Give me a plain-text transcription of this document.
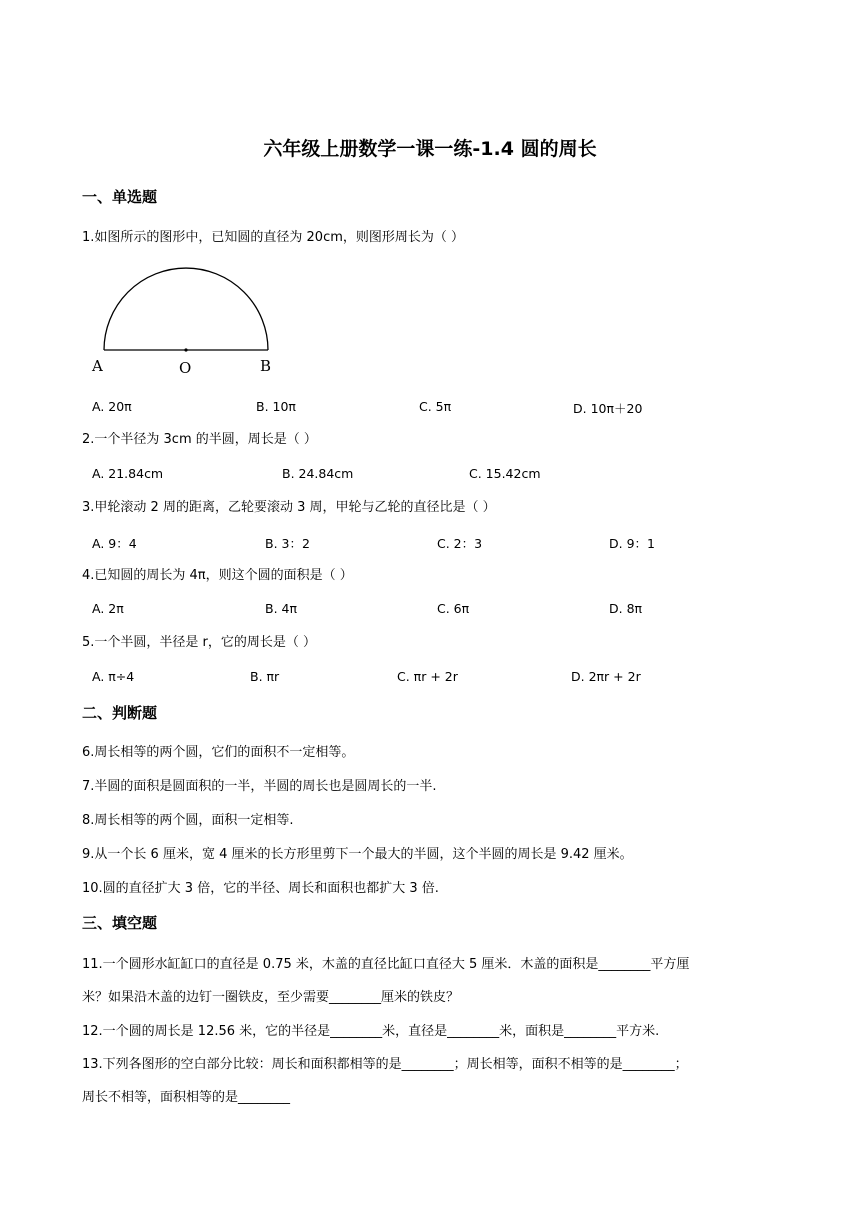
六年级上册数学一课一练-1.4 圆的周长
一、单选题
1.如图所示的图形中，已知圆的直径为 20cm，则图形周长为（ ）
A	O	B
A. 20π	B. 10π	C. 5π	D. 10π＋20
2.一个半径为 3cm 的半圆，周长是（ ）
A. 21.84cm	B. 24.84cm	C. 15.42cm
3.甲轮滚动 2 周的距离，乙轮要滚动 3 周，甲轮与乙轮的直径比是（ ）
A. 9：4	B. 3：2	C. 2：3	D. 9：1
4.已知圆的周长为 4π，则这个圆的面积是（ ）
A. 2π	B. 4π	C. 6π	D. 8π
5.一个半圆，半径是 r，它的周长是（ ）
A. π÷4	B. πr	C. πr + 2r	D. 2πr + 2r
二、判断题
6.周长相等的两个圆，它们的面积不一定相等。
7.半圆的面积是圆面积的一半，半圆的周长也是圆周长的一半.
8.周长相等的两个圆，面积一定相等.
9.从一个长 6 厘米，宽 4 厘米的长方形里剪下一个最大的半圆，这个半圆的周长是 9.42 厘米。
10.圆的直径扩大 3 倍，它的半径、周长和面积也都扩大 3 倍.
三、填空题
11.一个圆形水缸缸口的直径是 0.75 米，木盖的直径比缸口直径大 5 厘米．木盖的面积是________平方厘
米？如果沿木盖的边钉一圈铁皮，至少需要________厘米的铁皮？
12.一个圆的周长是 12.56 米，它的半径是________米，直径是________米，面积是________平方米.
13.下列各图形的空白部分比较：周长和面积都相等的是________；周长相等，面积不相等的是________；
周长不相等，面积相等的是________
